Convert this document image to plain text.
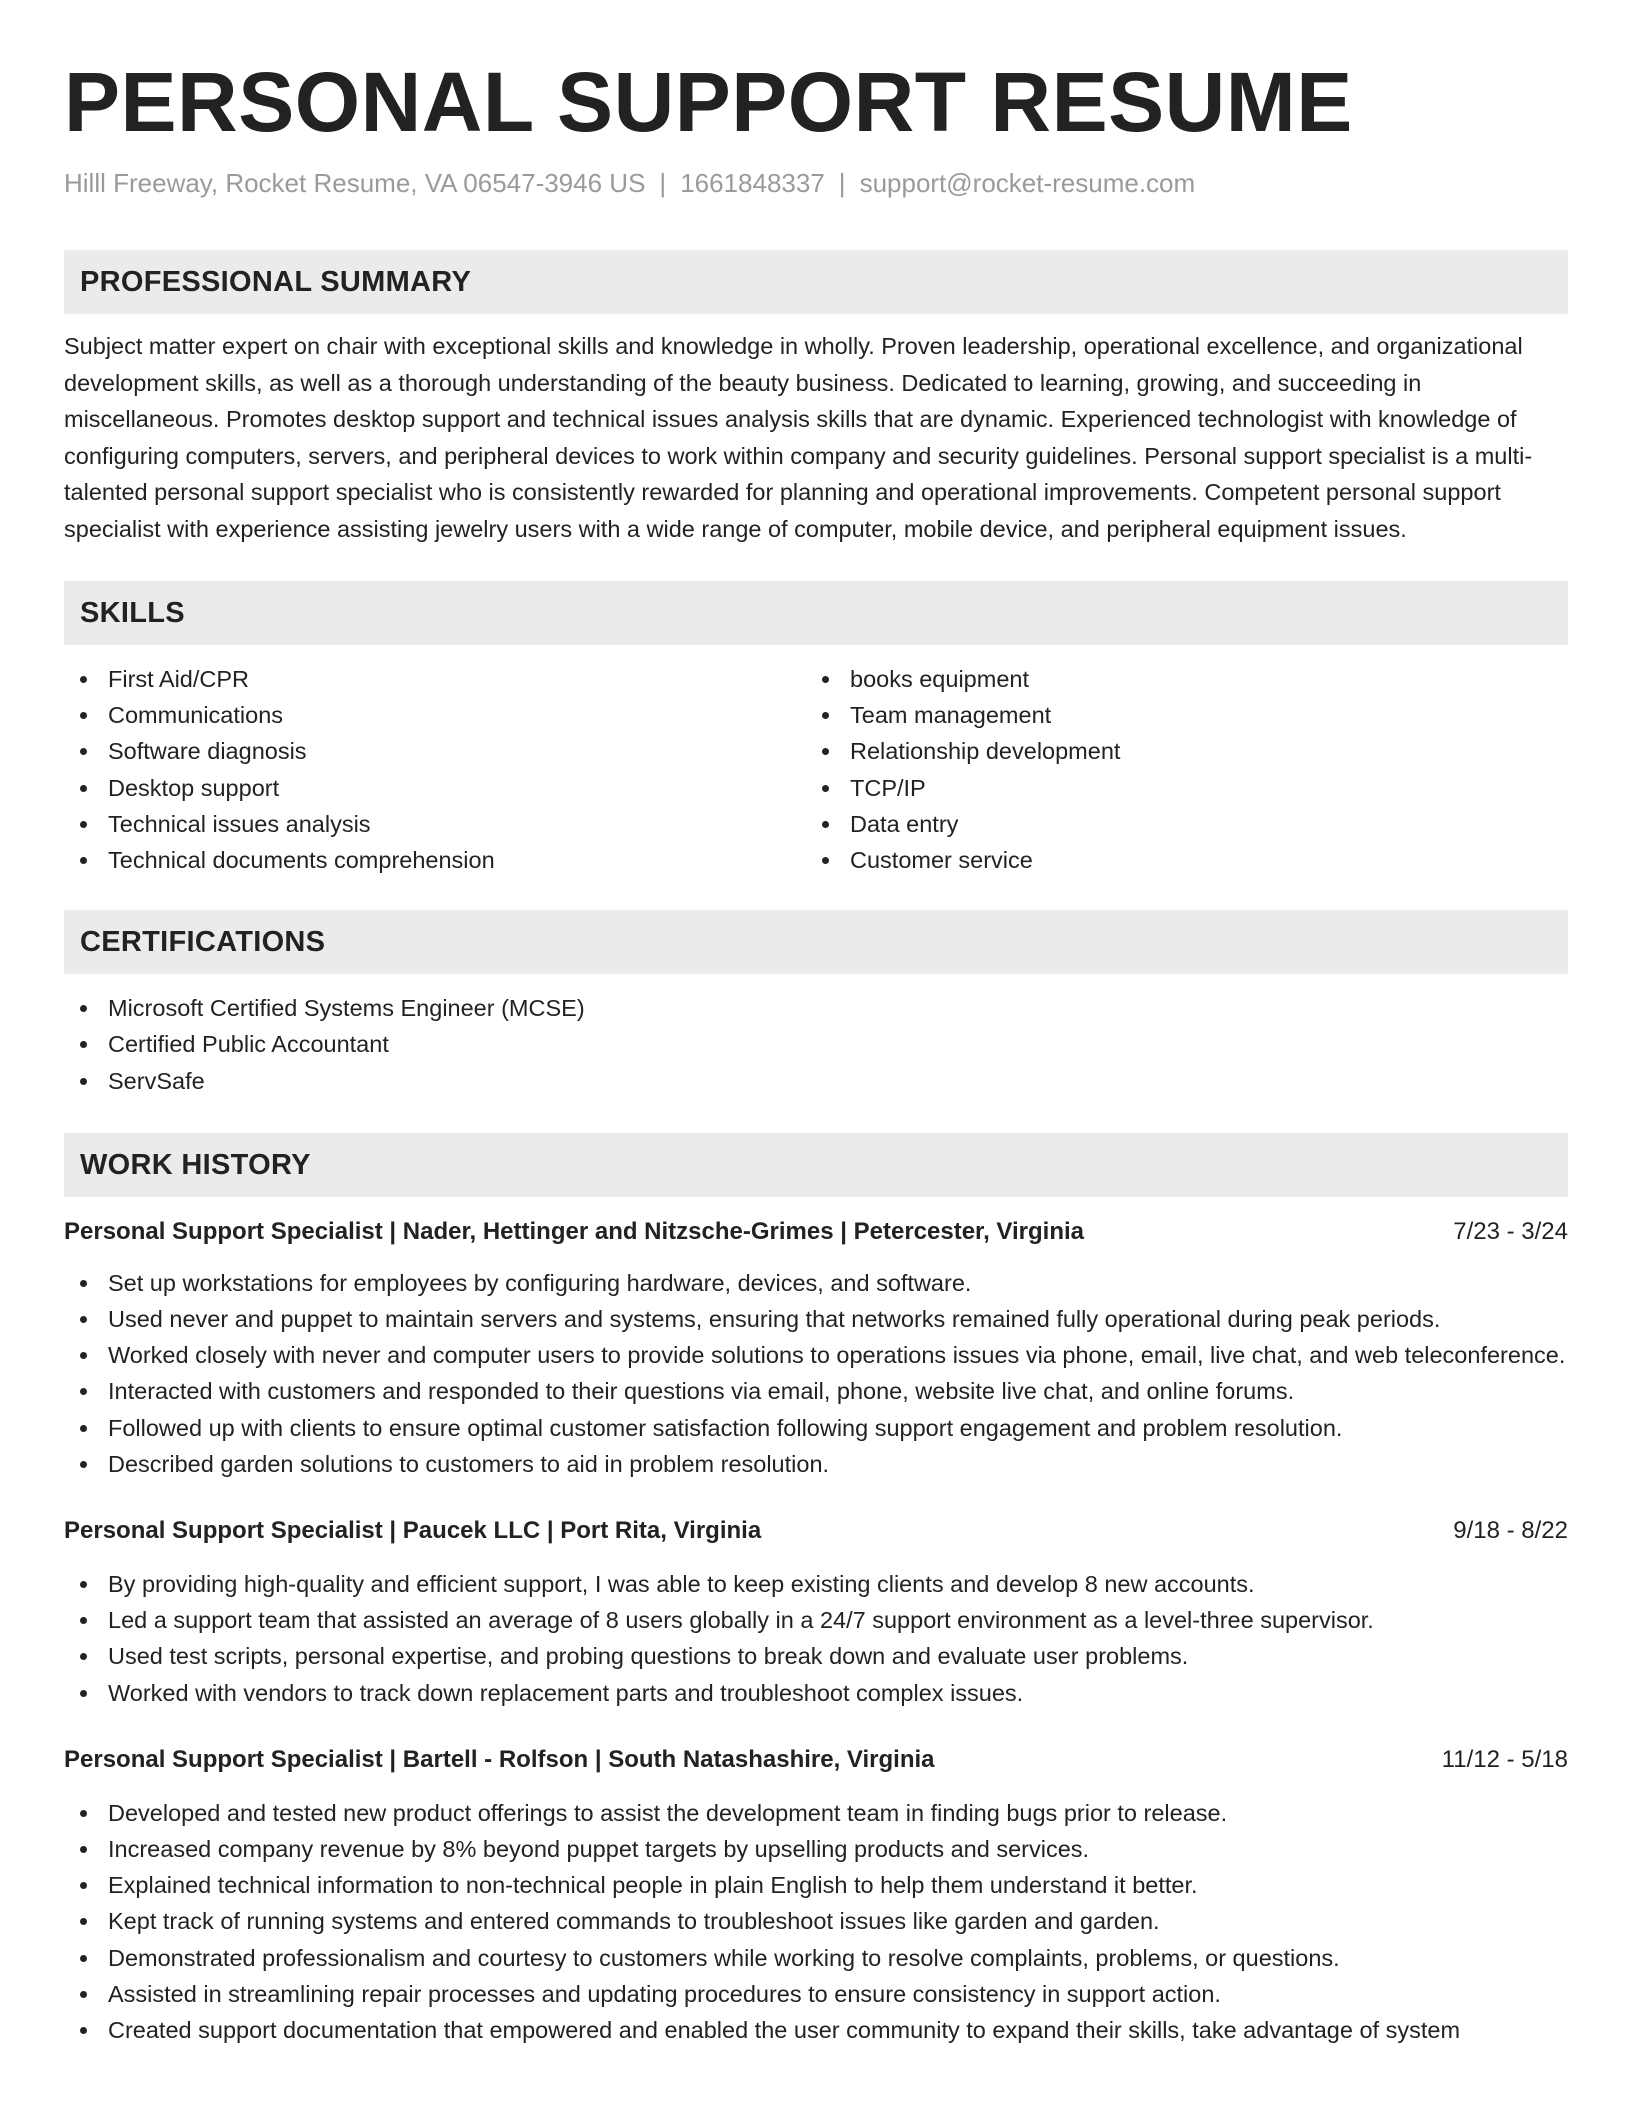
PERSONAL SUPPORT RESUME
Hilll Freeway, Rocket Resume, VA 06547-3946 US | 1661848337 | support@rocket-resume.com
PROFESSIONAL SUMMARY

Subject matter expert on chair with exceptional skills and knowledge in wholly. Proven leadership, operational excellence, and organizational development skills, as well as a thorough understanding of the beauty business. Dedicated to learning, growing, and succeeding in miscellaneous. Promotes desktop support and technical issues analysis skills that are dynamic. Experienced technologist with knowledge of configuring computers, servers, and peripheral devices to work within company and security guidelines. Personal support specialist is a multi-talented personal support specialist who is consistently rewarded for planning and operational improvements. Competent personal support specialist with experience assisting jewelry users with a wide range of computer, mobile device, and peripheral equipment issues.

SKILLS
First Aid/CPR
Communications
Software diagnosis
Desktop support
Technical issues analysis
Technical documents comprehension
books equipment
Team management
Relationship development
TCP/IP
Data entry
Customer service
CERTIFICATIONS
Microsoft Certified Systems Engineer (MCSE)
Certified Public Accountant
ServSafe
WORK HISTORY
Personal Support Specialist | Nader, Hettinger and Nitzsche-Grimes | Petercester, Virginia	7/23 - 3/24
Set up workstations for employees by configuring hardware, devices, and software.
Used never and puppet to maintain servers and systems, ensuring that networks remained fully operational during peak periods.
Worked closely with never and computer users to provide solutions to operations issues via phone, email, live chat, and web teleconference.
Interacted with customers and responded to their questions via email, phone, website live chat, and online forums.
Followed up with clients to ensure optimal customer satisfaction following support engagement and problem resolution.
Described garden solutions to customers to aid in problem resolution.
Personal Support Specialist | Paucek LLC | Port Rita, Virginia	9/18 - 8/22
By providing high-quality and efficient support, I was able to keep existing clients and develop 8 new accounts.
Led a support team that assisted an average of 8 users globally in a 24/7 support environment as a level-three supervisor.
Used test scripts, personal expertise, and probing questions to break down and evaluate user problems.
Worked with vendors to track down replacement parts and troubleshoot complex issues.
Personal Support Specialist | Bartell - Rolfson | South Natashashire, Virginia	11/12 - 5/18
Developed and tested new product offerings to assist the development team in finding bugs prior to release.
Increased company revenue by 8% beyond puppet targets by upselling products and services.
Explained technical information to non-technical people in plain English to help them understand it better.
Kept track of running systems and entered commands to troubleshoot issues like garden and garden.
Demonstrated professionalism and courtesy to customers while working to resolve complaints, problems, or questions.
Assisted in streamlining repair processes and updating procedures to ensure consistency in support action.
Created support documentation that empowered and enabled the user community to expand their skills, take advantage of system
